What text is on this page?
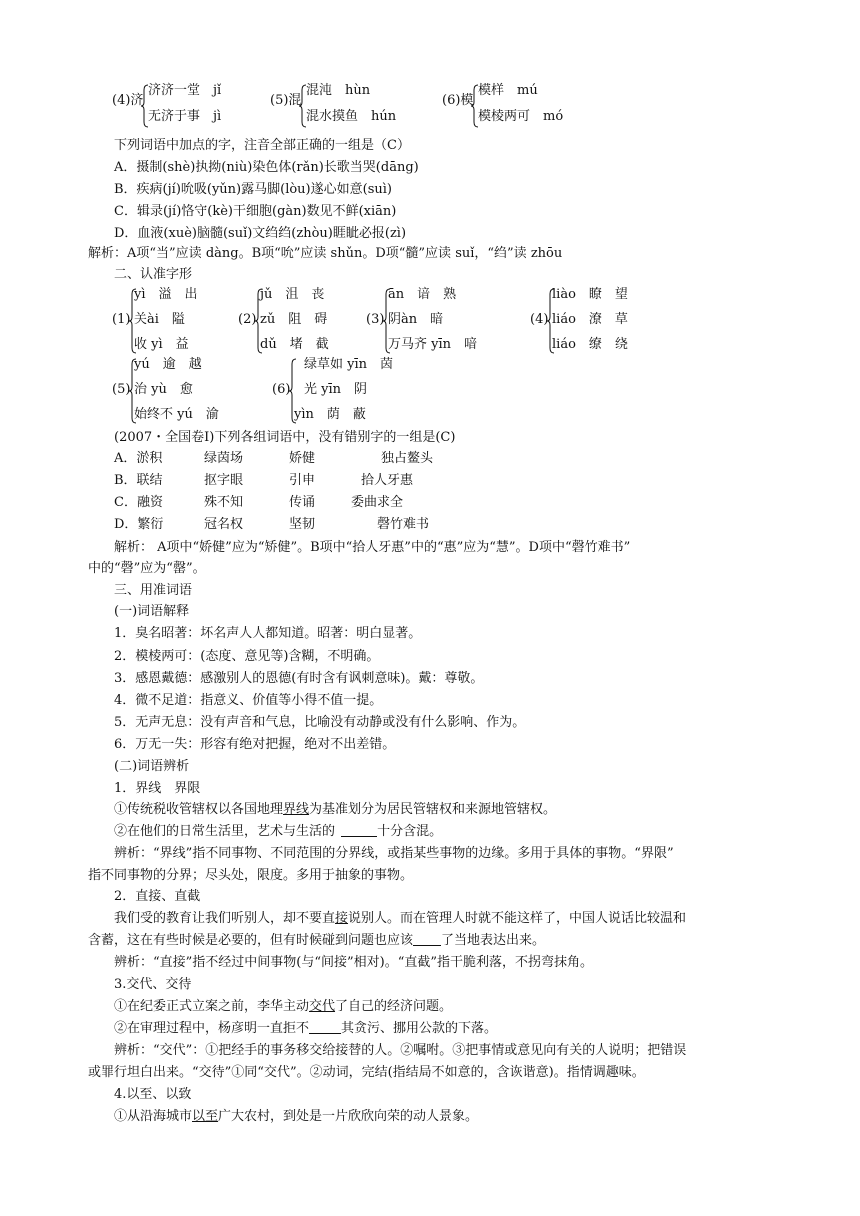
(4)济
济济一堂　jǐ
无济于事　jì
(5)混
混沌　hùn
混水摸鱼　hún
(6)模
模样　mú
模棱两可　mó
下列词语中加点的字，注音全部正确的一组是（C）
A．摄制(shè)执拗(niù)染色体(rǎn)长歌当哭(dāng)
B．疾病(jí)吮吸(yǔn)露马脚(lòu)遂心如意(suì)
C．辑录(jí)恪守(kè)干细胞(gàn)数见不鲜(xiān)
D．血液(xuè)脑髓(suǐ)文绉绉(zhòu)睚眦必报(zì)
解析：A项“当”应读 dàng。B项“吮”应读 shǔn。D项“髓”应读 suǐ，“绉”读 zhōu
二、认准字形
(1)
yì　溢　出
关ài　隘
收 yì　益
(2)
jǔ　沮　丧
zǔ　阻　碍
dǔ　堵　截
(3)
ān　谙　熟
阴àn　暗
万马齐 yīn　喑
(4)
liào　瞭　望
liáo　潦　草
liáo　缭　绕
(5)
yú　逾　越
治 yù　愈
始终不 yú　渝
(6)
绿草如 yīn　茵
光 yīn　阴
yìn　荫　蔽
(2007・全国卷Ⅰ)下列各组词语中，没有错别字的一组是(C)
A．淤积	绿茵场	娇健	独占鳌头
B．联结	抠字眼	引申	拾人牙惠
C．融资	殊不知	传诵	委曲求全
D．繁衍	冠名权	坚韧	磬竹难书
解析： A项中“娇健”应为“矫健”。B项中“拾人牙惠”中的“惠”应为“慧”。D项中“磬竹难书”
中的“磬”应为“罄”。
三、用准词语
(一)词语解释
1．臭名昭著：坏名声人人都知道。昭著：明白显著。
2．模棱两可：(态度、意见等)含糊，不明确。
3．感恩戴德：感激别人的恩德(有时含有讽刺意味)。戴：尊敬。
4．微不足道：指意义、价值等小得不值一提。
5．无声无息：没有声音和气息，比喻没有动静或没有什么影响、作为。
6．万无一失：形容有绝对把握，绝对不出差错。
(二)词语辨析
1．界线　界限
①传统税收管辖权以各国地理界线为基准划分为居民管辖权和来源地管辖权。
②在他们的日常生活里，艺术与生活的	十分含混。
辨析：“界线”指不同事物、不同范围的分界线，或指某些事物的边缘。多用于具体的事物。“界限”
指不同事物的分界；尽头处，限度。多用于抽象的事物。
2．直接、直截
我们受的教育让我们听别人，却不要直接说别人。而在管理人时就不能这样了，中国人说话比较温和
含蓄，这在有些时候是必要的，但有时候碰到问题也应该 了当地表达出来。
辨析：“直接”指不经过中间事物(与“间接”相对)。“直截”指干脆利落，不拐弯抹角。
3.交代、交待
①在纪委正式立案之前，李华主动交代了自己的经济问题。
②在审理过程中，杨彦明一直拒不 其贪污、挪用公款的下落。
辨析：“交代”：①把经手的事务移交给接替的人。②嘱咐。③把事情或意见向有关的人说明；把错误
或罪行坦白出来。“交待”①同“交代”。②动词，完结(指结局不如意的，含诙谐意)。指情调趣味。
4.以至、以致
①从沿海城市以至广大农村，到处是一片欣欣向荣的动人景象。
